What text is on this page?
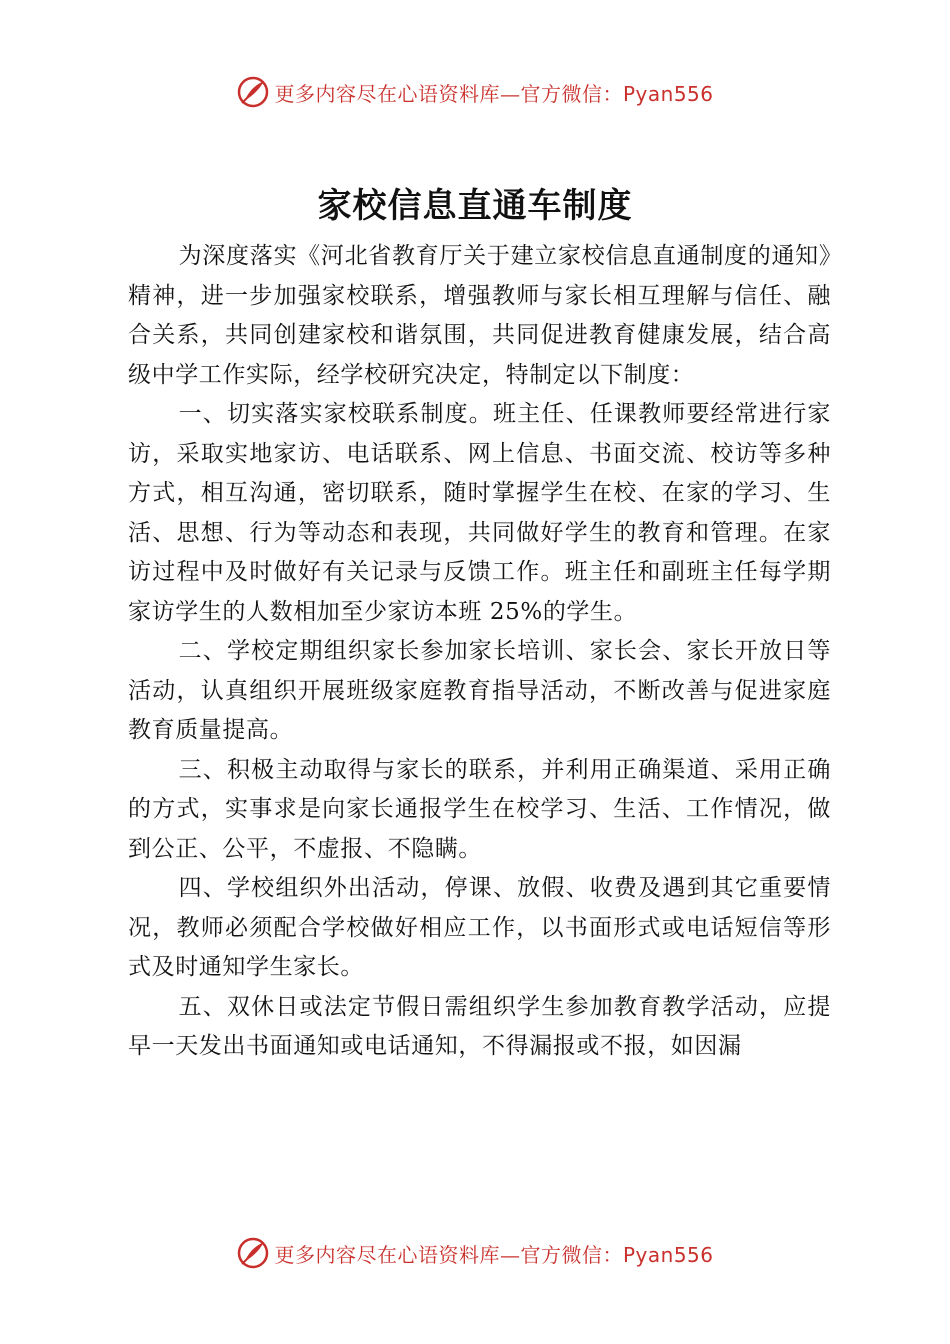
更多内容尽在心语资料库—官方微信：Pyan556
家校信息直通车制度

为深度落实《河北省教育厅关于建立家校信息直通制度的通知》精神，进一步加强家校联系，增强教师与家长相互理解与信任、融合关系，共同创建家校和谐氛围，共同促进教育健康发展，结合高级中学工作实际，经学校研究决定，特制定以下制度：

一、切实落实家校联系制度。班主任、任课教师要经常进行家访，采取实地家访、电话联系、网上信息、书面交流、校访等多种方式，相互沟通，密切联系，随时掌握学生在校、在家的学习、生活、思想、行为等动态和表现，共同做好学生的教育和管理。在家访过程中及时做好有关记录与反馈工作。班主任和副班主任每学期家访学生的人数相加至少家访本班 25%的学生。

二、学校定期组织家长参加家长培训、家长会、家长开放日等活动，认真组织开展班级家庭教育指导活动，不断改善与促进家庭教育质量提高。

三、积极主动取得与家长的联系，并利用正确渠道、采用正确的方式，实事求是向家长通报学生在校学习、生活、工作情况，做到公正、公平，不虚报、不隐瞒。

四、学校组织外出活动，停课、放假、收费及遇到其它重要情况，教师必须配合学校做好相应工作，以书面形式或电话短信等形式及时通知学生家长。

五、双休日或法定节假日需组织学生参加教育教学活动，应提早一天发出书面通知或电话通知，不得漏报或不报，如因漏

更多内容尽在心语资料库—官方微信：Pyan556
